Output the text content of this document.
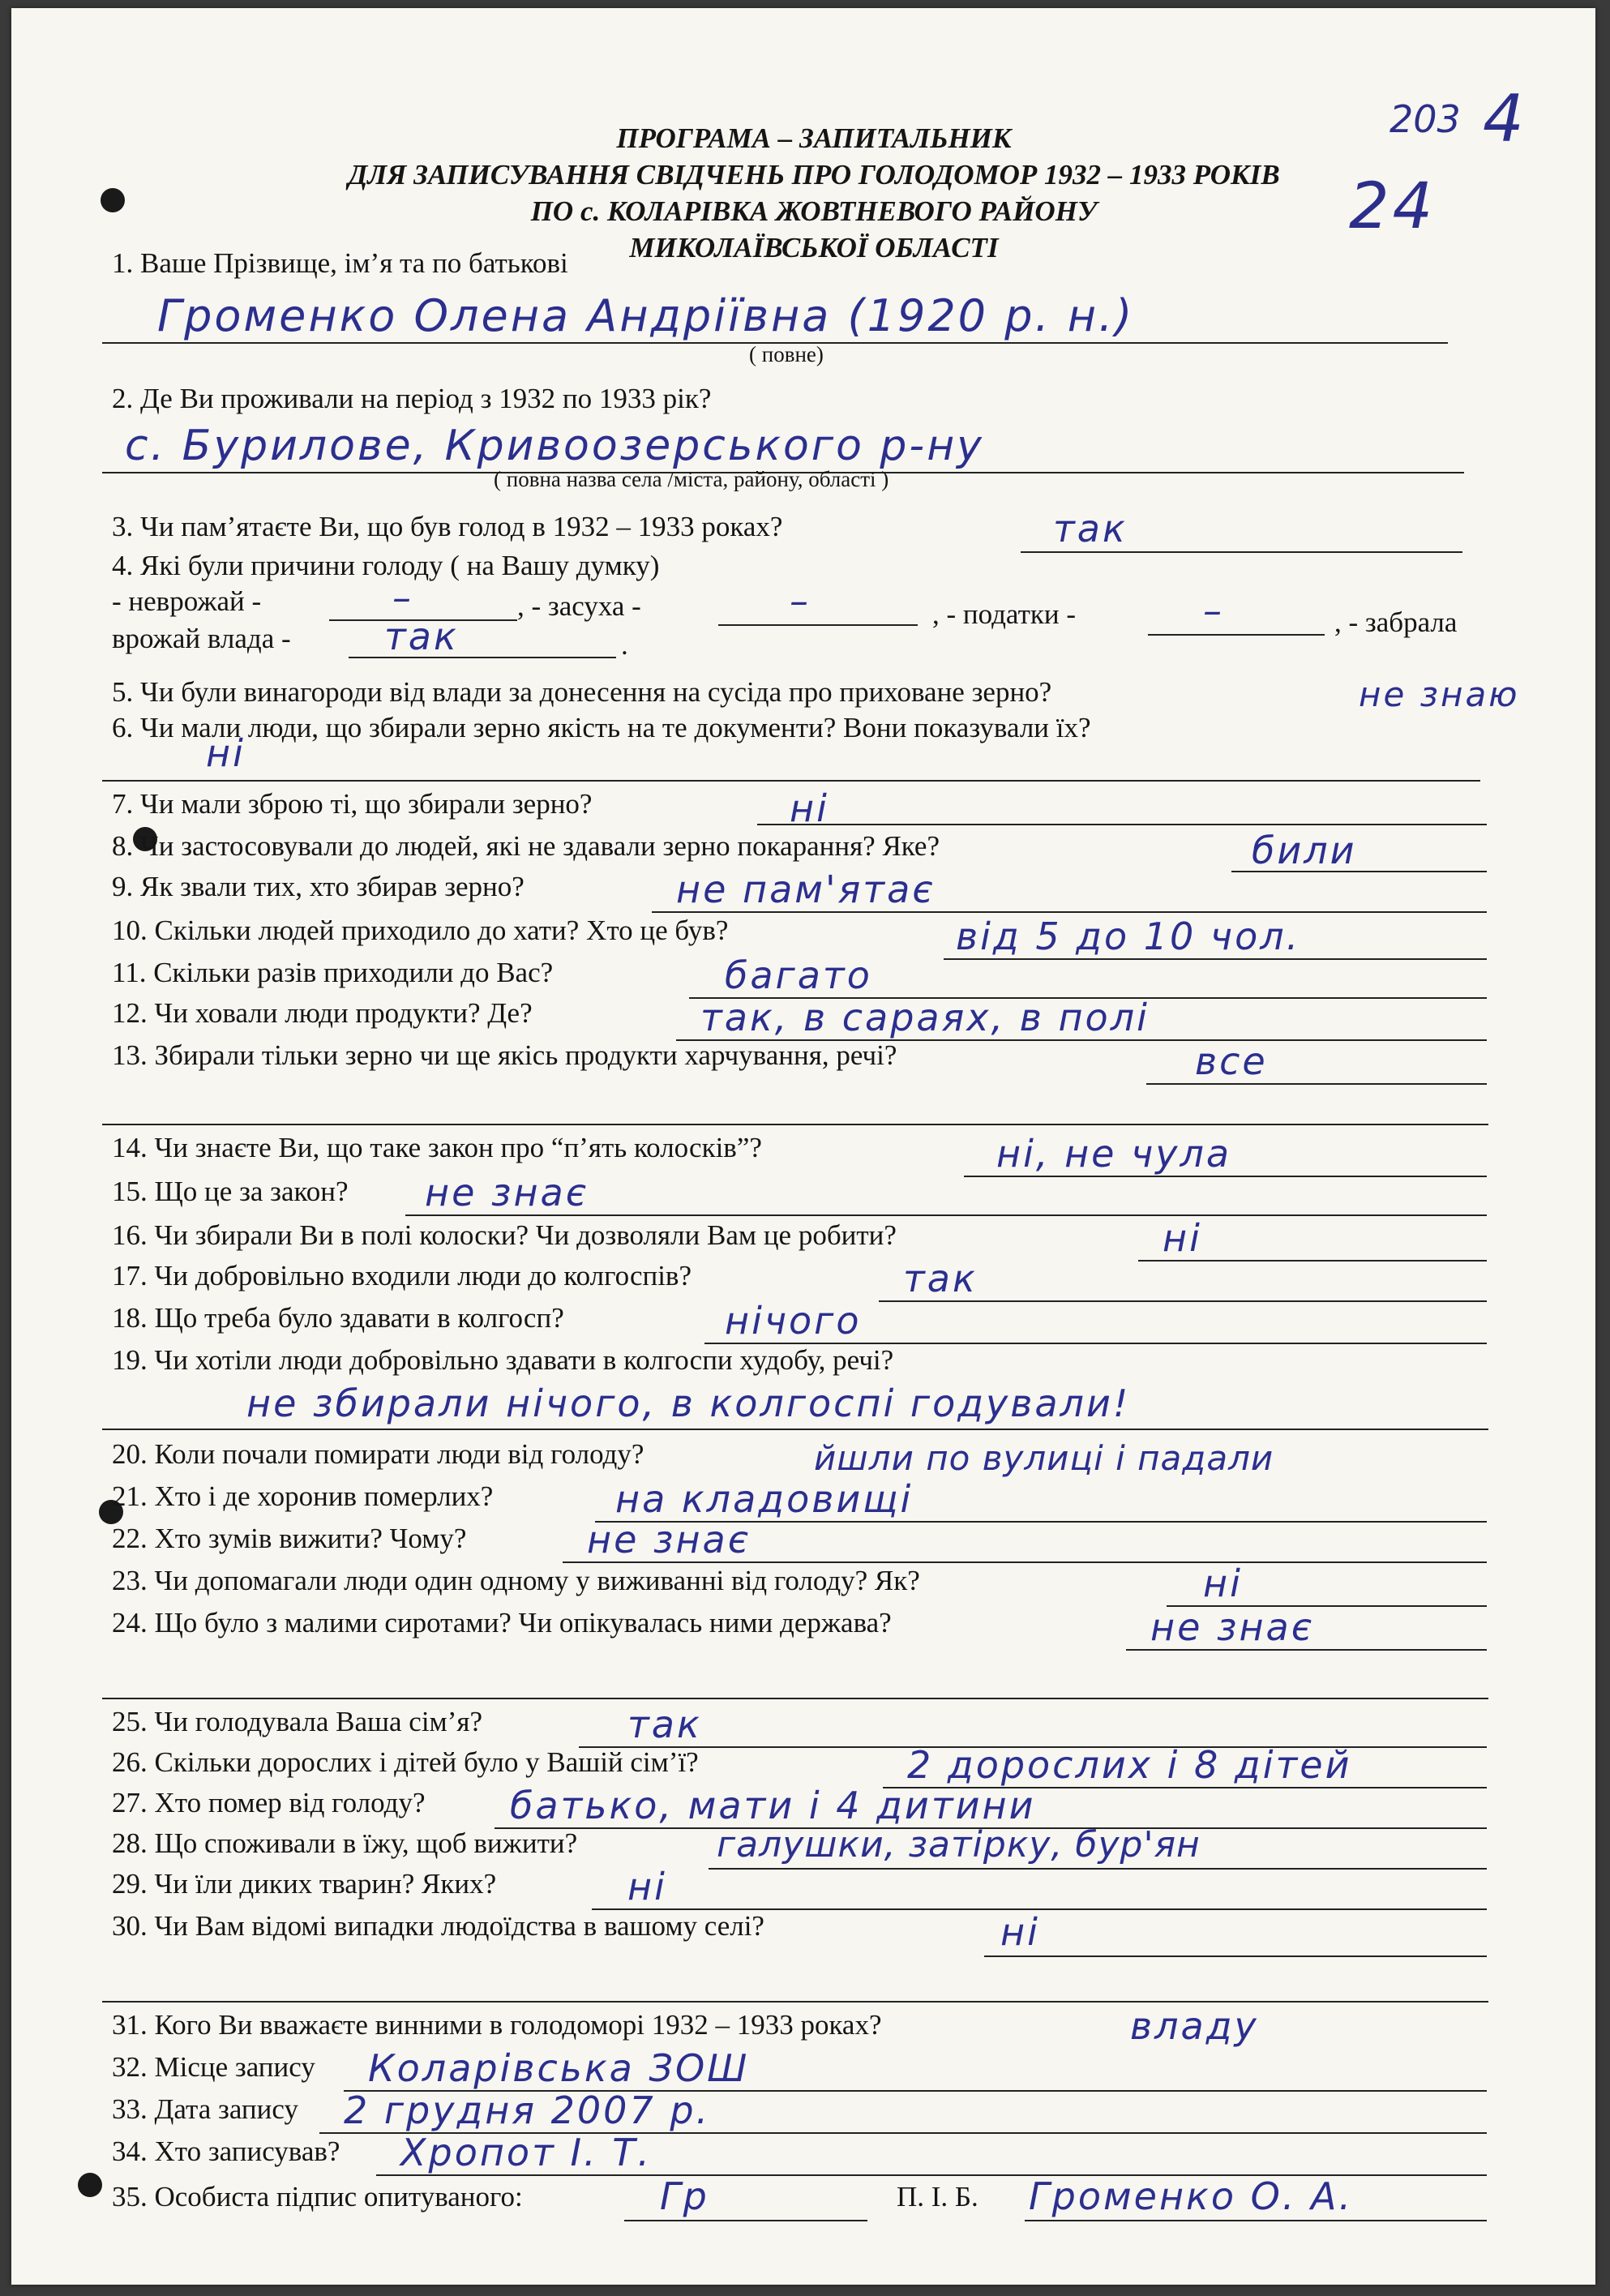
203 4
24
ПРОГРАМА – ЗАПИТАЛЬНИК
ДЛЯ ЗАПИСУВАННЯ СВІДЧЕНЬ ПРО ГОЛОДОМОР 1932 – 1933 РОКІВ
ПО с. КОЛАРІВКА ЖОВТНЕВОГО РАЙОНУ
МИКОЛАЇВСЬКОЇ ОБЛАСТІ
1. Ваше Прізвище, ім’я та по батькові
Громенко Олена Андріївна (1920 р. н.)
( повне)
2. Де Ви проживали на період з 1932 по 1933 рік?
с. Бурилове, Кривоозерського р-ну
( повна назва села /міста, району, області )
3. Чи пам’ятаєте Ви, що був голод в 1932 – 1933 роках?	так
4. Які були причини голоду ( на Вашу думку)
- неврожай -	–	, - засуха -	–	, - податки -	–	, - забрала
врожай влада -	так	.
5. Чи були винагороди від влади за донесення на сусіда про приховане зерно?	не знаю
6. Чи мали люди, що збирали зерно якість на те документи? Вони показували їх?
ні
7. Чи мали зброю ті, що збирали зерно?	ні
8. Чи застосовували до людей, які не здавали зерно покарання? Яке?	били
9. Як звали тих, хто збирав зерно?	не пам'ятає
10. Скільки людей приходило до хати? Хто це був?	від 5 до 10 чол.
11. Скільки разів приходили до Вас?	багато
12. Чи ховали люди продукти? Де?	так, в сараях, в полі
13. Збирали тільки зерно чи ще якісь продукти харчування, речі?	все
14. Чи знаєте Ви, що таке закон про “п’ять колосків”?	ні, не чула
15. Що це за закон? не знає
16. Чи збирали Ви в полі колоски? Чи дозволяли Вам це робити?	ні
17. Чи добровільно входили люди до колгоспів?	так
18. Що треба було здавати в колгосп?	нічого
19. Чи хотіли люди добровільно здавати в колгоспи худобу, речі?
не збирали нічого, в колгоспі годували!
20. Коли почали помирати люди від голоду?	йшли по вулиці і падали
21. Хто і де хоронив померлих?	на кладовищі
22. Хто зумів вижити? Чому?	не знає
23. Чи допомагали люди один одному у виживанні від голоду? Як?	ні
24. Що було з малими сиротами? Чи опікувалась ними держава?	не знає
25. Чи голодувала Ваша сім’я?	так
26. Скільки дорослих і дітей було у Вашій сім’ї?	2 дорослих і 8 дітей
27. Хто помер від голоду? батько, мати і 4 дитини
28. Що споживали в їжу, щоб вижити?	галушки, затірку, бур'ян
29. Чи їли диких тварин? Яких?	ні
30. Чи Вам відомі випадки людоїдства в вашому селі?	ні
31. Кого Ви вважаєте винними в голодоморі 1932 – 1933 роках?	владу
32. Місце запису Коларівська ЗОШ
33. Дата запису 2 грудня 2007 р.
34. Хто записував? Хропот І. Т.
35. Особиста підпис опитуваного:	Гр	П. І. Б. Громенко О. А.
